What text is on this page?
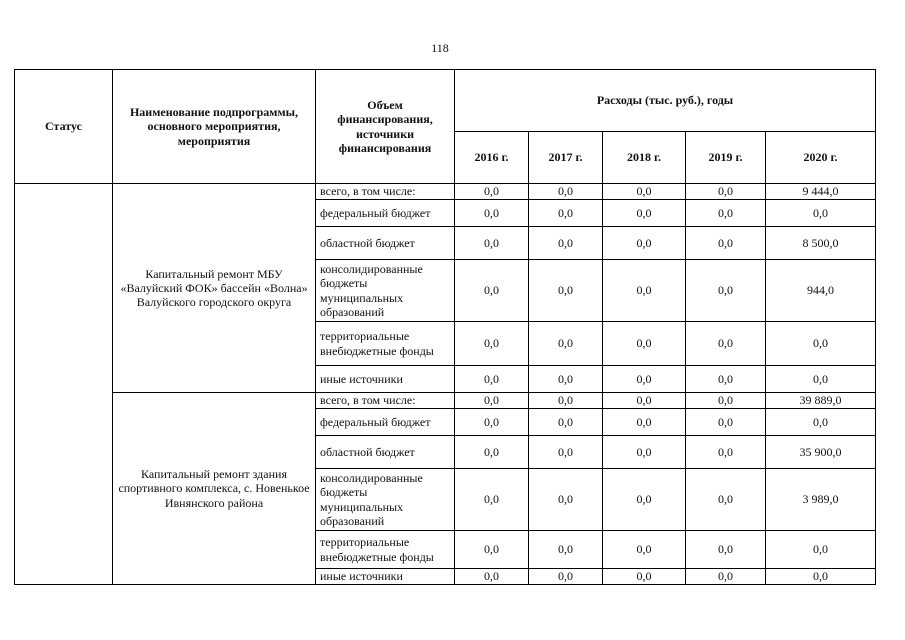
118
Статус	Наименование подпрограммы, основного мероприятия, мероприятия	Объем финансирования, источники финансирования	Расходы (тыс. руб.), годы				
			2016 г.	2017 г.	2018 г.	2019 г.	2020 г.
	Капитальный ремонт МБУ «Валуйский ФОК» бассейн «Волна» Валуйского городского округа	всего, в том числе:	0,0	0,0	0,0	0,0	9 444,0
		федеральный бюджет	0,0	0,0	0,0	0,0	0,0
		областной бюджет	0,0	0,0	0,0	0,0	8 500,0
		консолидированные бюджеты муниципальных образований	0,0	0,0	0,0	0,0	944,0
		территориальные внебюджетные фонды	0,0	0,0	0,0	0,0	0,0
		иные источники	0,0	0,0	0,0	0,0	0,0
	Капитальный ремонт здания спортивного комплекса, с. Новенькое Ивнянского района	всего, в том числе:	0,0	0,0	0,0	0,0	39 889,0
		федеральный бюджет	0,0	0,0	0,0	0,0	0,0
		областной бюджет	0,0	0,0	0,0	0,0	35 900,0
		консолидированные бюджеты муниципальных образований	0,0	0,0	0,0	0,0	3 989,0
		территориальные внебюджетные фонды	0,0	0,0	0,0	0,0	0,0
		иные источники	0,0	0,0	0,0	0,0	0,0
